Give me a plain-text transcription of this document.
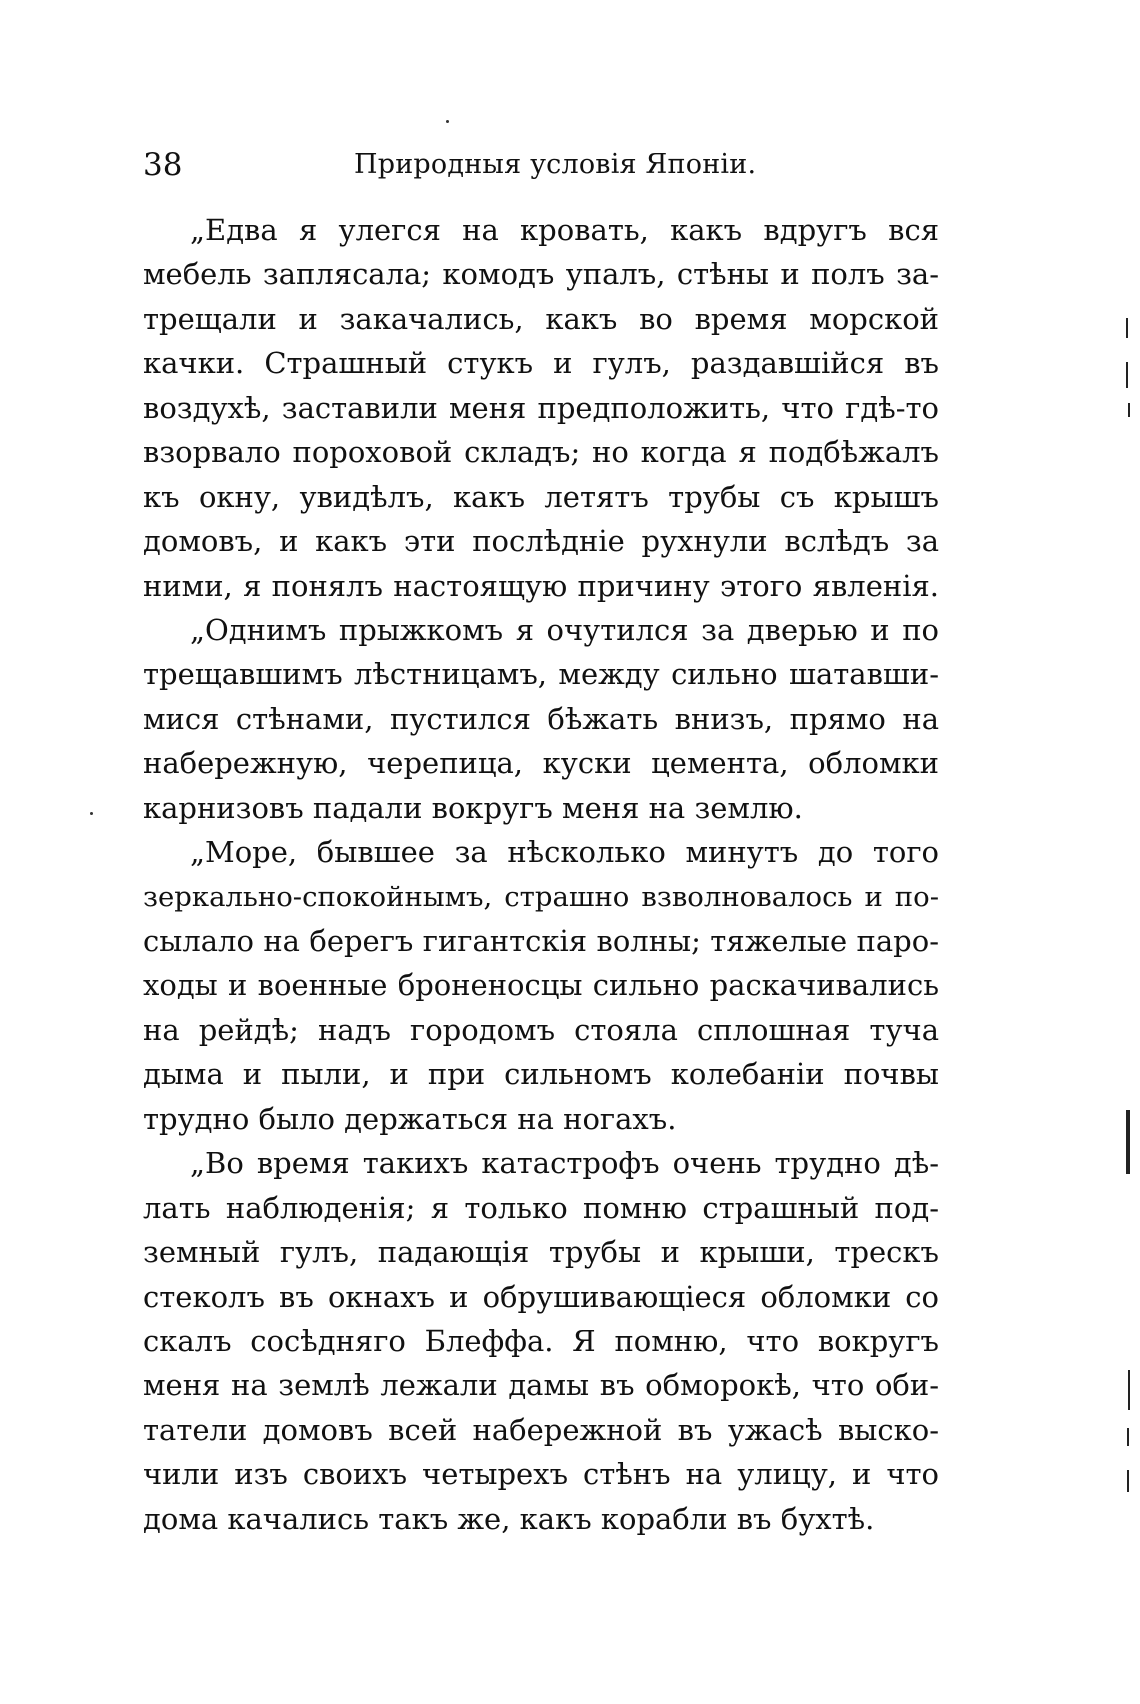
38	Природныя условія Японіи.
„Едва я улегся на кровать, какъ вдругъ вся
мебель заплясала; комодъ упалъ, стѣны и полъ за-
трещали и закачались, какъ во время морской
качки. Страшный стукъ и гулъ, раздавшійся въ
воздухѣ, заставили меня предположить, что гдѣ-то
взорвало пороховой складъ; но когда я подбѣжалъ
къ окну, увидѣлъ, какъ летятъ трубы съ крышъ
домовъ, и какъ эти послѣдніе рухнули вслѣдъ за
ними, я понялъ настоящую причину этого явленія.
„Однимъ прыжкомъ я очутился за дверью и по
трещавшимъ лѣстницамъ, между сильно шатавши-
мися стѣнами, пустился бѣжать внизъ, прямо на
набережную, черепица, куски цемента, обломки
карнизовъ падали вокругъ меня на землю.
„Море, бывшее за нѣсколько минутъ до того
зеркально-спокойнымъ, страшно взволновалось и по-
сылало на берегъ гигантскія волны; тяжелые паро-
ходы и военные броненосцы сильно раскачивались
на рейдѣ; надъ городомъ стояла сплошная туча
дыма и пыли, и при сильномъ колебаніи почвы
трудно было держаться на ногахъ.
„Во время такихъ катастрофъ очень трудно дѣ-
лать наблюденія; я только помню страшный под-
земный гулъ, падающія трубы и крыши, трескъ
стеколъ въ окнахъ и обрушивающіеся обломки со
скалъ сосѣдняго Блеффа. Я помню, что вокругъ
меня на землѣ лежали дамы въ обморокѣ, что оби-
татели домовъ всей набережной въ ужасѣ выско-
чили изъ своихъ четырехъ стѣнъ на улицу, и что
дома качались такъ же, какъ корабли въ бухтѣ.
